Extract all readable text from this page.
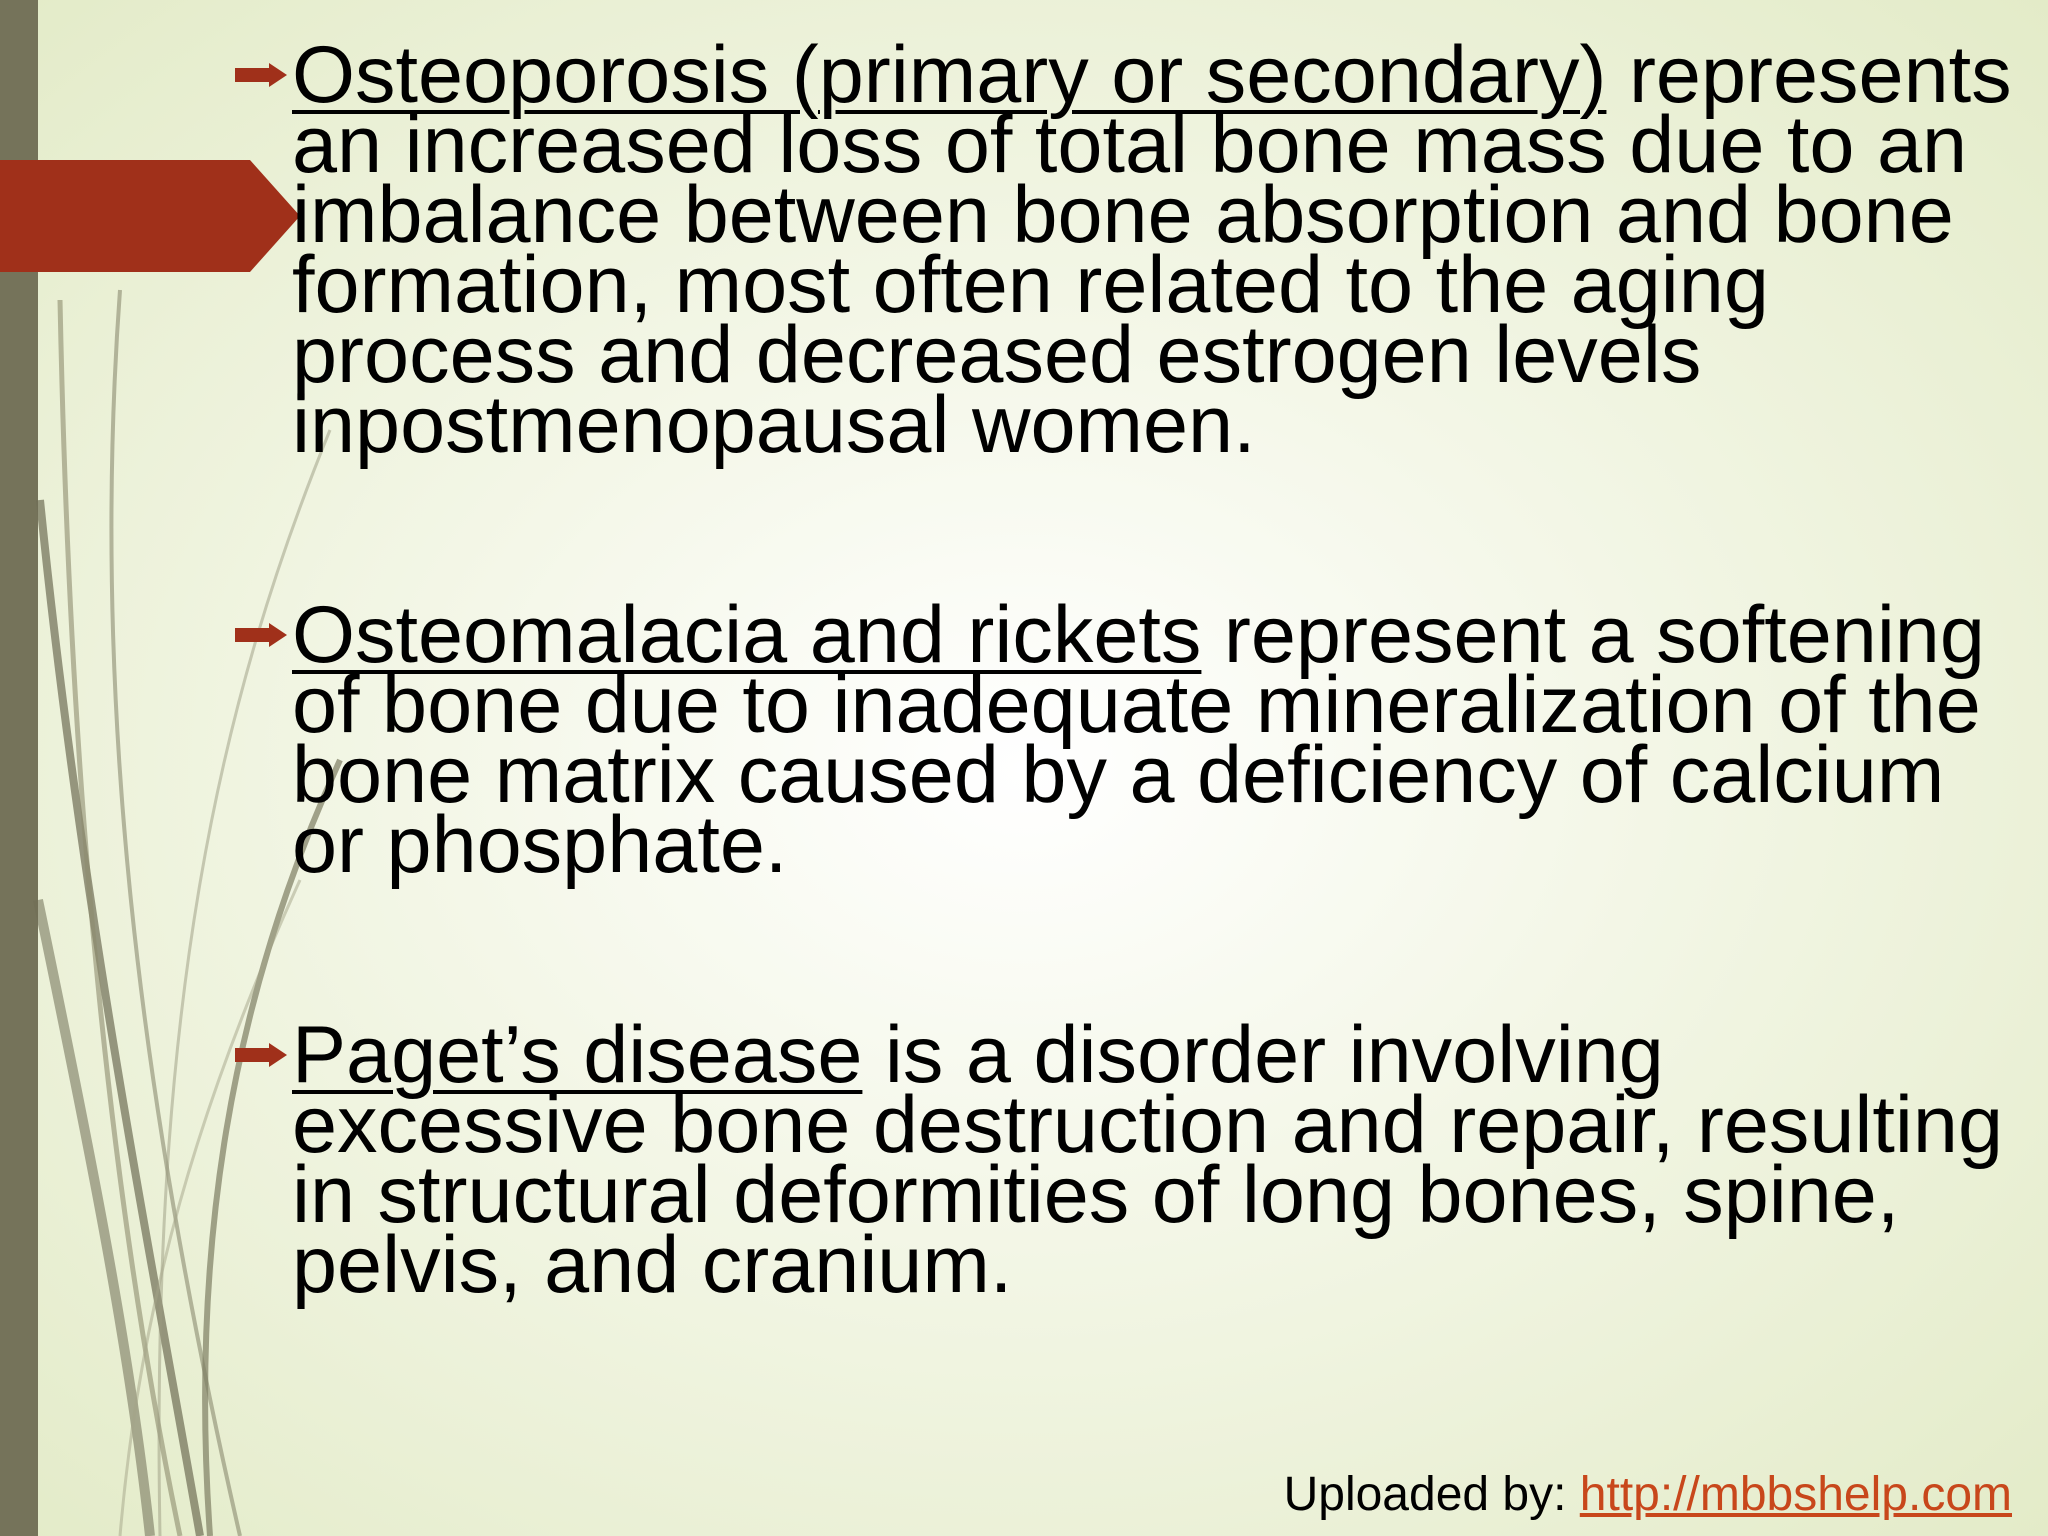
Osteoporosis (primary or secondary) represents an increased loss of total bone mass due to an imbalance between bone absorption and bone formation, most often related to the aging process and decreased estrogen levels inpostmenopausal women.
Osteomalacia and rickets represent a softening of bone due to inadequate mineralization of the bone matrix caused by a deficiency of calcium or phosphate.
Paget’s disease is a disorder involving excessive bone destruction and repair, resulting in structural deformities of long bones, spine, pelvis, and cranium.
Uploaded by: http://mbbshelp.com
